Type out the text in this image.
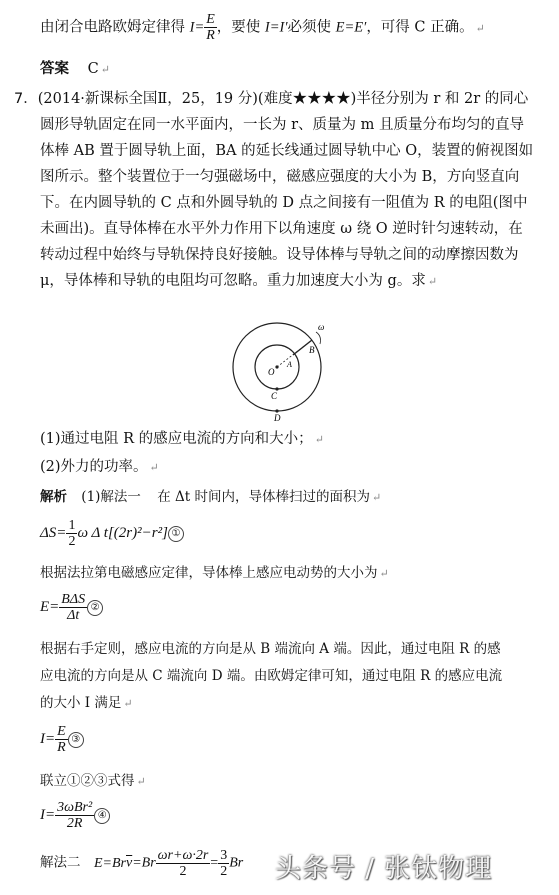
由闭合电路欧姆定律得 $I= \frac{E}{R}$ ，要使 I=I′必须使 E=E′，可得 C 正确。 ↵
答案 C ↵
7．(2014·新课标全国Ⅱ，25，19 分)(难度★★★★)半径分别为 r 和 2r 的同心
圆形导轨固定在同一水平面内，一长为 r、质量为 m 且质量分布均匀的直导
体棒 AB 置于圆导轨上面，BA 的延长线通过圆导轨中心 O，装置的俯视图如
图所示。整个装置位于一匀强磁场中，磁感应强度的大小为 B，方向竖直向
下。在内圆导轨的 C 点和外圆导轨的 D 点之间接有一阻值为 R 的电阻(图中
未画出)。直导体棒在水平外力作用下以角速度 ω 绕 O 逆时针匀速转动，在
转动过程中始终与导轨保持良好接触。设导体棒与导轨之间的动摩擦因数为
μ，导体棒和导轨的电阻均可忽略。重力加速度大小为 g。求 ↵
ω
B
A
O
C
D
(1)通过电阻 R 的感应电流的方向和大小； ↵
(2)外力的功率。 ↵
解析 (1)解法一 在 Δt 时间内，导体棒扫过的面积为 ↵
$\Delta S= \frac{1}{2}$ ω Δ t[(2r)²−r²] ①
根据法拉第电磁感应定律，导体棒上感应电动势的大小为 ↵
$E= \frac{\text{BΔS}}{\Delta t}$ ②
根据右手定则，感应电流的方向是从 B 端流向 A 端。因此，通过电阻 R 的感
应电流的方向是从 C 端流向 D 端。由欧姆定律可知，通过电阻 R 的感应电流
的大小 I 满足 ↵
$I= \frac{E}{R}$ ③
联立①②③式得 ↵
$I= \frac{\text{3ωBr²}}{2R}$ ④
解法二 $E=Br\overline{v}=Br \frac{\omega r+\omega\cdot 2r}{2} = \frac{3}{2}$ Br 头条号 / 张钛物理
